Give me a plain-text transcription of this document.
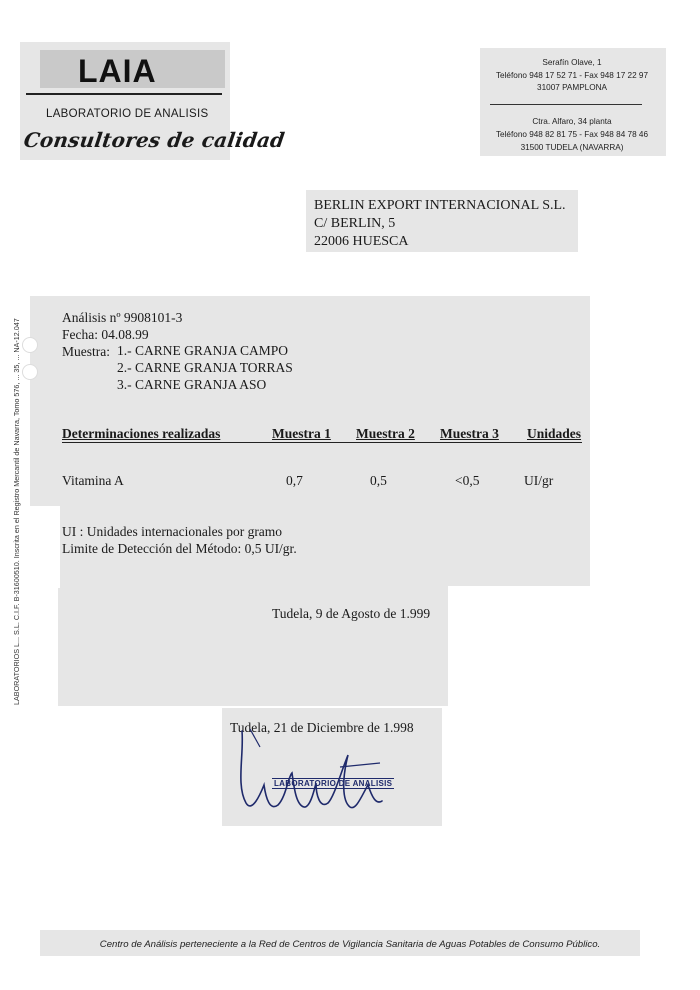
LAIA
LABORATORIO DE ANALISIS
Consultores de calidad
Serafín Olave, 1
Teléfono 948 17 52 71 - Fax 948 17 22 97
31007 PAMPLONA
Ctra. Alfaro, 34 planta
Teléfono 948 82 81 75 - Fax 948 84 78 46
31500 TUDELA (NAVARRA)
BERLIN EXPORT INTERNACIONAL S.L.
C/ BERLIN, 5
22006 HUESCA
LABORATORIOS L... S.L. C.I.F. B-31600510. Inscrita en el Registro Mercantil de Navarra, Tomo 576, ... 35, ... NA-12.047
Análisis nº 9908101-3
Fecha: 04.08.99
Muestra: 1.- CARNE GRANJA CAMPO
2.- CARNE GRANJA TORRAS
3.- CARNE GRANJA ASO
Determinaciones realizadas	Muestra 1 Muestra 2 Muestra 3 Unidades
Vitamina A	0,7	0,5	<0,5	UI/gr
UI : Unidades internacionales por gramo
Limite de Detección del Método: 0,5 UI/gr.
Tudela, 9 de Agosto de 1.999
Tudela, 21 de Diciembre de 1.998
LABORATORIO DE ANALISIS
Centro de Análisis perteneciente a la Red de Centros de Vigilancia Sanitaria de Aguas Potables de Consumo Público.
